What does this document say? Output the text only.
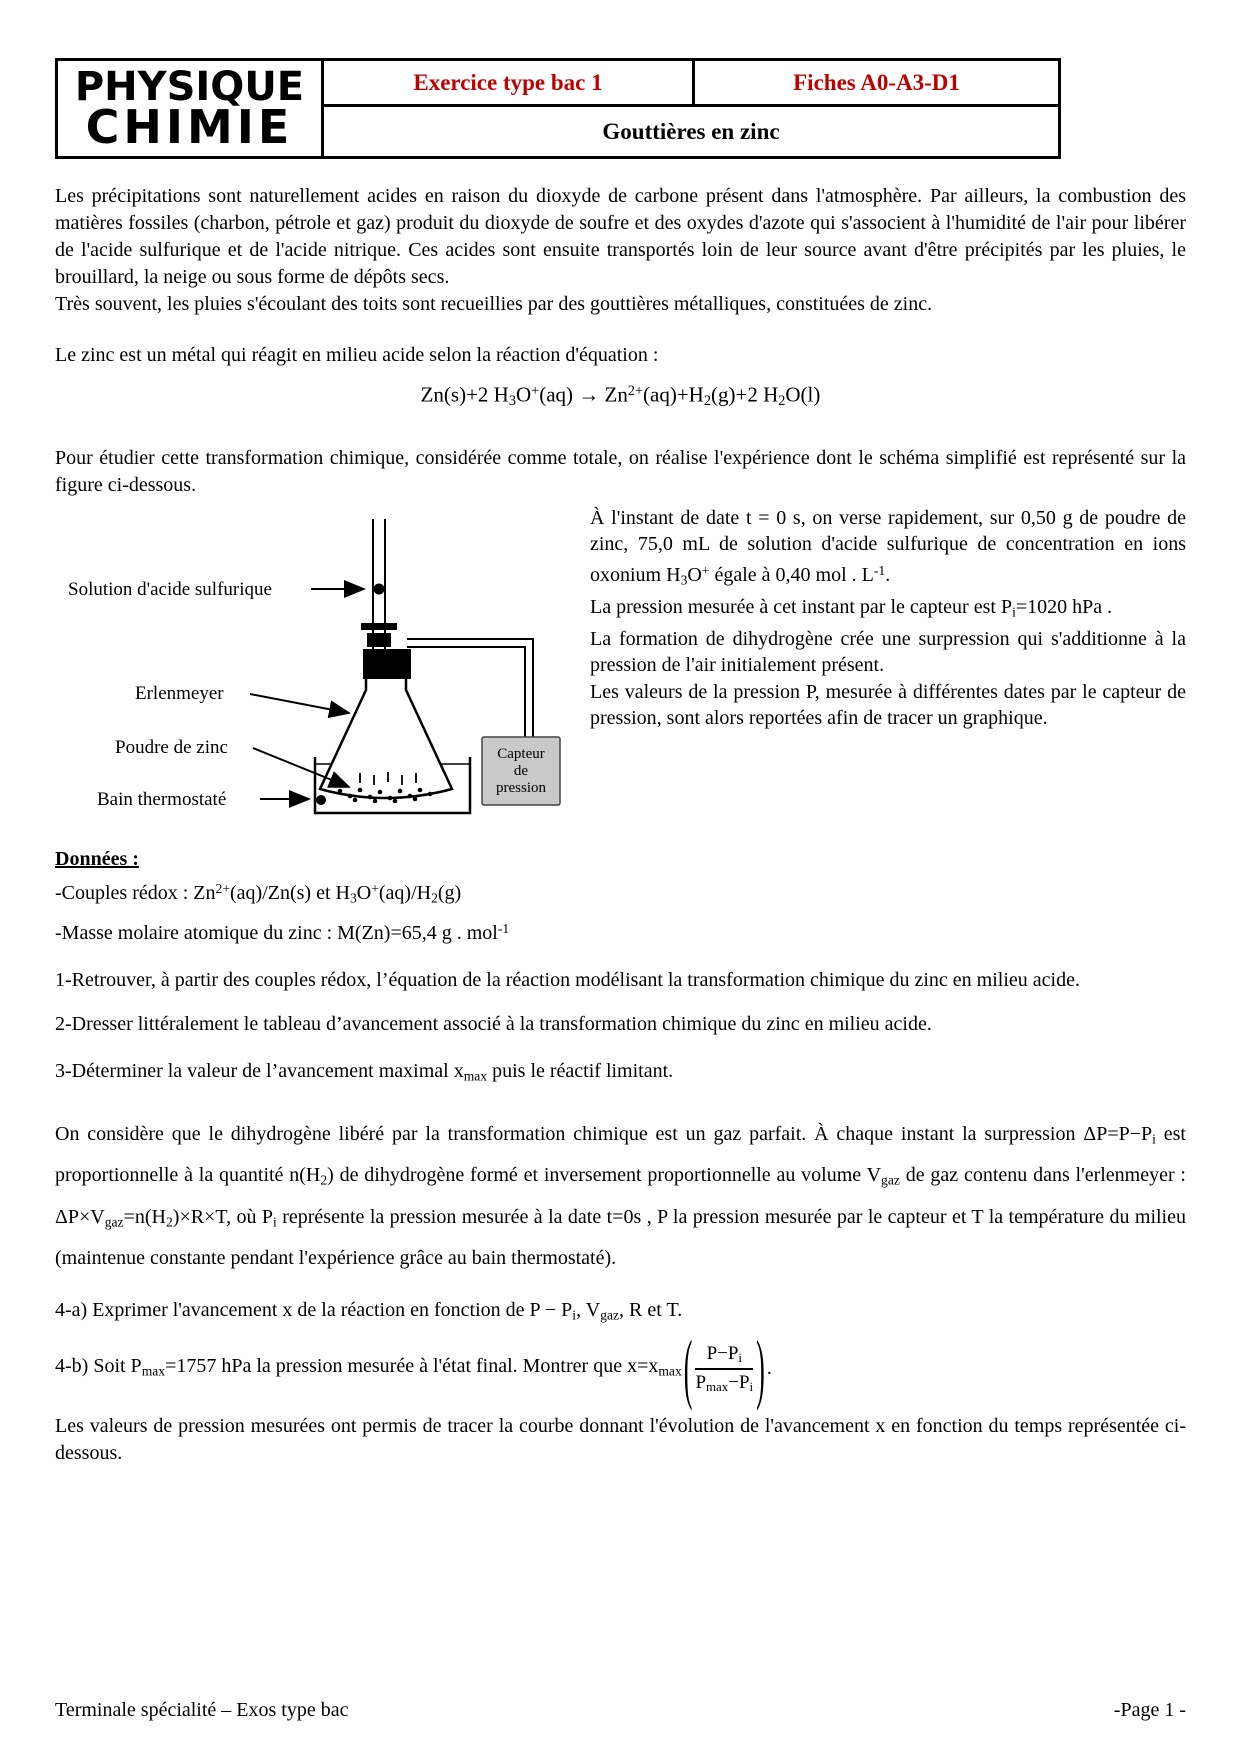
PHYSIQUE
CHIMIE
	Exercice type bac 1	Fiches A0-A3-D1
Gouttières en zinc

Les précipitations sont naturellement acides en raison du dioxyde de carbone présent dans l'atmosphère. Par ailleurs, la combustion des matières fossiles (charbon, pétrole et gaz) produit du dioxyde de soufre et des oxydes d'azote qui s'associent à l'humidité de l'air pour libérer de l'acide sulfurique et de l'acide nitrique. Ces acides sont ensuite transportés loin de leur source avant d'être précipités par les pluies, le brouillard, la neige ou sous forme de dépôts secs.

Très souvent, les pluies s'écoulant des toits sont recueillies par des gouttières métalliques, constituées de zinc.

Le zinc est un métal qui réagit en milieu acide selon la réaction d'équation :

Zn(s)+2 $H_3O^+(aq) \to Zn^{2+}(aq)+H_2(g)+2$ $H_2O(l)$

Pour étudier cette transformation chimique, considérée comme totale, on réalise l'expérience dont le schéma simplifié est représenté sur la figure ci-dessous.

Capteur
de
pression
Solution d'acide sulfurique
Erlenmeyer
Poudre de zinc
Bain thermostaté

À l'instant de date t = 0 s, on verse rapidement, sur 0,50 g de poudre de zinc, 75,0 mL de solution d'acide sulfurique de concentration en ions oxonium $H_3O^+$ égale à 0,40 mol . $L^{-1}$.

La pression mesurée à cet instant par le capteur est $P_i=1020$ hPa .

La formation de dihydrogène crée une surpression qui s'additionne à la pression de l'air initialement présent.

Les valeurs de la pression P, mesurée à différentes dates par le capteur de pression, sont alors reportées afin de tracer un graphique.

Données :

-Couples rédox : $Zn^{2+}(aq)/Zn(s)$ et $H_3O^+(aq)/H_2(g)$

-Masse molaire atomique du zinc : M(Zn)=65,4 g . mol$^{-1}$

1-Retrouver, à partir des couples rédox, l’équation de la réaction modélisant la transformation chimique du zinc en milieu acide.

2-Dresser littéralement le tableau d’avancement associé à la transformation chimique du zinc en milieu acide.

3-Déterminer la valeur de l’avancement maximal $x_{max}$ puis le réactif limitant.

On considère que le dihydrogène libéré par la transformation chimique est un gaz parfait. À chaque instant la surpression $\Delta P=P-P_i$ est proportionnelle à la quantité $n(H_2)$ de dihydrogène formé et inversement proportionnelle au volume $V_{gaz}$ de gaz contenu dans l'erlenmeyer : $\Delta P\times V_{gaz}=n(H_2)\times R\times T$, où $P_i$ représente la pression mesurée à la date t=0s , P la pression mesurée par le capteur et T la température du milieu (maintenue constante pendant l'expérience grâce au bain thermostaté).

4-a) Exprimer l'avancement x de la réaction en fonction de $P - P_i$, $V_{gaz}$, R et T.

4-b) Soit $P_{max}=1757$ hPa la pression mesurée à l'état final. Montrer que $x=x_{max}$ ( $\frac{P-P_i}{P_{max}-P_i}$ ) .

Les valeurs de pression mesurées ont permis de tracer la courbe donnant l'évolution de l'avancement x en fonction du temps représentée ci-dessous.

Terminale spécialité – Exos type bac	-Page 1 -
